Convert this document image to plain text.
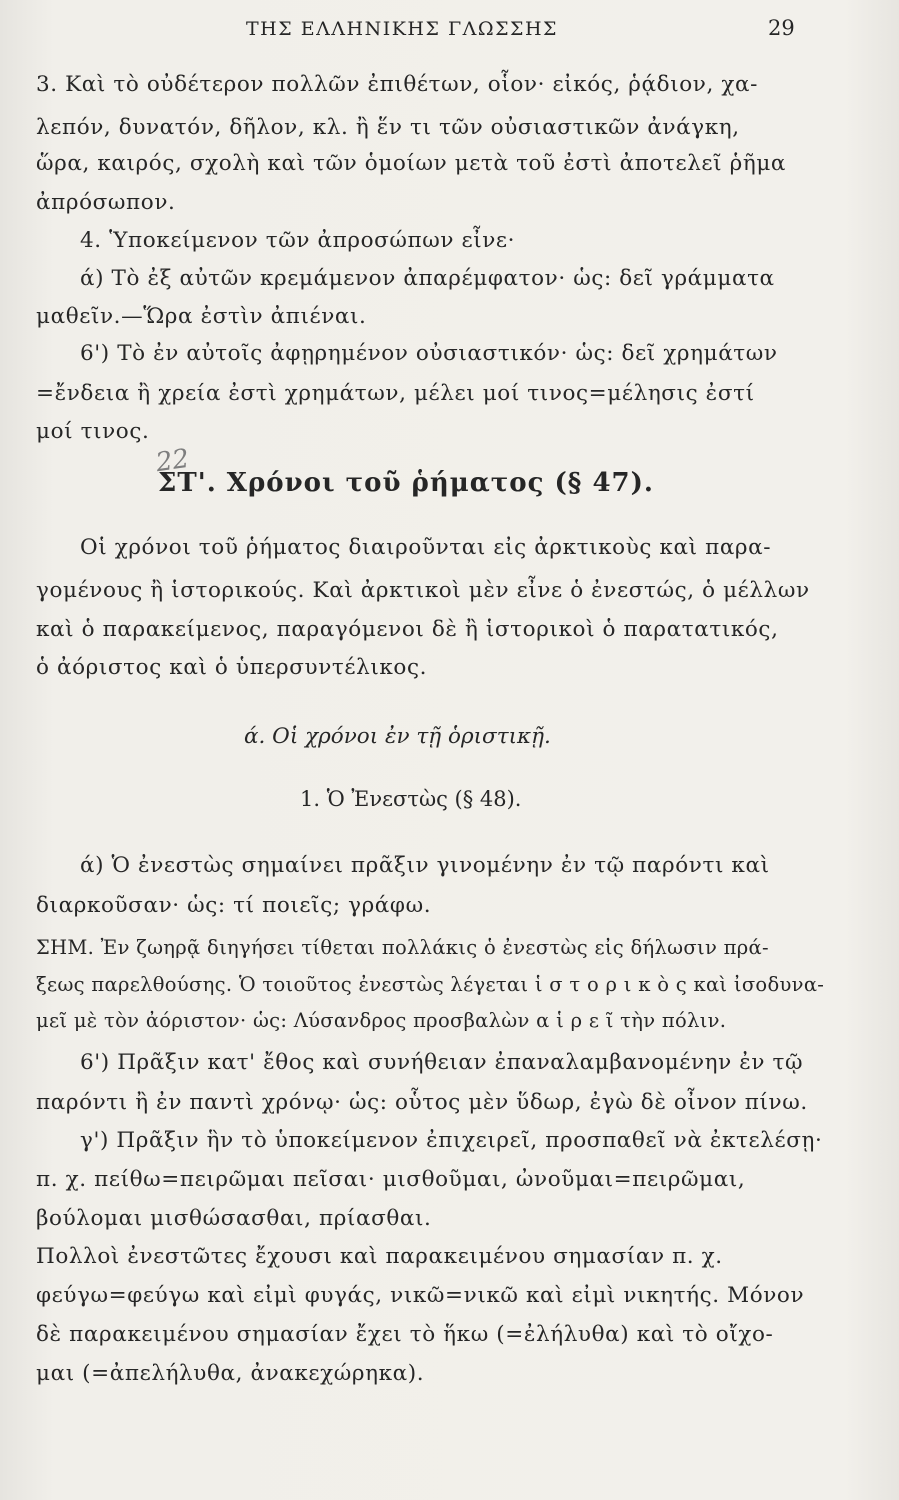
ΤΗΣ ΕΛΛΗΝΙΚΗΣ ΓΛΩΣΣΗΣ	29
3. Καὶ τὸ οὐδέτερον πολλῶν ἐπιθέτων, οἷον· εἰκός, ῥᾴδιον, χα-
λεπόν, δυνατόν, δῆλον, κλ. ἢ ἕν τι τῶν οὐσιαστικῶν ἀνάγκη,
ὥρα, καιρός, σχολὴ καὶ τῶν ὁμοίων μετὰ τοῦ ἐστὶ ἀποτελεῖ ῥῆμα
ἀπρόσωπον.
4. Ὑποκείμενον τῶν ἀπροσώπων εἶνε·
ά) Τὸ ἐξ αὐτῶν κρεμάμενον ἀπαρέμφατον· ὡς: δεῖ γράμματα
μαθεῖν.—Ὥρα ἐστὶν ἀπιέναι.
6') Τὸ ἐν αὐτοῖς ἀφῃρημένον οὐσιαστικόν· ὡς: δεῖ χρημάτων
=ἔνδεια ἢ χρεία ἐστὶ χρημάτων, μέλει μοί τινος=μέλησις ἐστί
μοί τινος.
22
ΣΤ'. Χρόνοι τοῦ ῥήματος (§ 47).
Οἱ χρόνοι τοῦ ῥήματος διαιροῦνται εἰς ἀρκτικοὺς καὶ παρα-
γομένους ἢ ἱστορικούς. Καὶ ἀρκτικοὶ μὲν εἶνε ὁ ἐνεστώς, ὁ μέλλων
καὶ ὁ παρακείμενος, παραγόμενοι δὲ ἢ ἱστορικοὶ ὁ παρατατικός,
ὁ ἀόριστος καὶ ὁ ὑπερσυντέλικος.
ά. Οἱ χρόνοι ἐν τῇ ὁριστικῇ.
1. Ὁ Ἐνεστὼς (§ 48).
ά) Ὁ ἐνεστὼς σημαίνει πρᾶξιν γινομένην ἐν τῷ παρόντι καὶ
διαρκοῦσαν· ὡς: τί ποιεῖς; γράφω.
ΣΗΜ. Ἐν ζωηρᾷ διηγήσει τίθεται πολλάκις ὁ ἐνεστὼς εἰς δήλωσιν πρά-
ξεως παρελθούσης. Ὁ τοιοῦτος ἐνεστὼς λέγεται ἱ σ τ ο ρ ι κ ὸ ς καὶ ἰσοδυνα-
μεῖ μὲ τὸν ἀόριστον· ὡς: Λύσανδρος προσβαλὼν α ἱ ρ ε ῖ τὴν πόλιν.
6') Πρᾶξιν κατ' ἔθος καὶ συνήθειαν ἐπαναλαμβανομένην ἐν τῷ
παρόντι ἢ ἐν παντὶ χρόνῳ· ὡς: οὗτος μὲν ὕδωρ, ἐγὼ δὲ οἶνον πίνω.
γ') Πρᾶξιν ἣν τὸ ὑποκείμενον ἐπιχειρεῖ, προσπαθεῖ νὰ ἐκτελέσῃ·
π. χ. πείθω=πειρῶμαι πεῖσαι· μισθοῦμαι, ὠνοῦμαι=πειρῶμαι,
βούλομαι μισθώσασθαι, πρίασθαι.
Πολλοὶ ἐνεστῶτες ἔχουσι καὶ παρακειμένου σημασίαν π. χ.
φεύγω=φεύγω καὶ εἰμὶ φυγάς, νικῶ=νικῶ καὶ εἰμὶ νικητής. Μόνον
δὲ παρακειμένου σημασίαν ἔχει τὸ ἥκω (=ἐλήλυθα) καὶ τὸ οἴχο-
μαι (=ἀπελήλυθα, ἀνακεχώρηκα).
